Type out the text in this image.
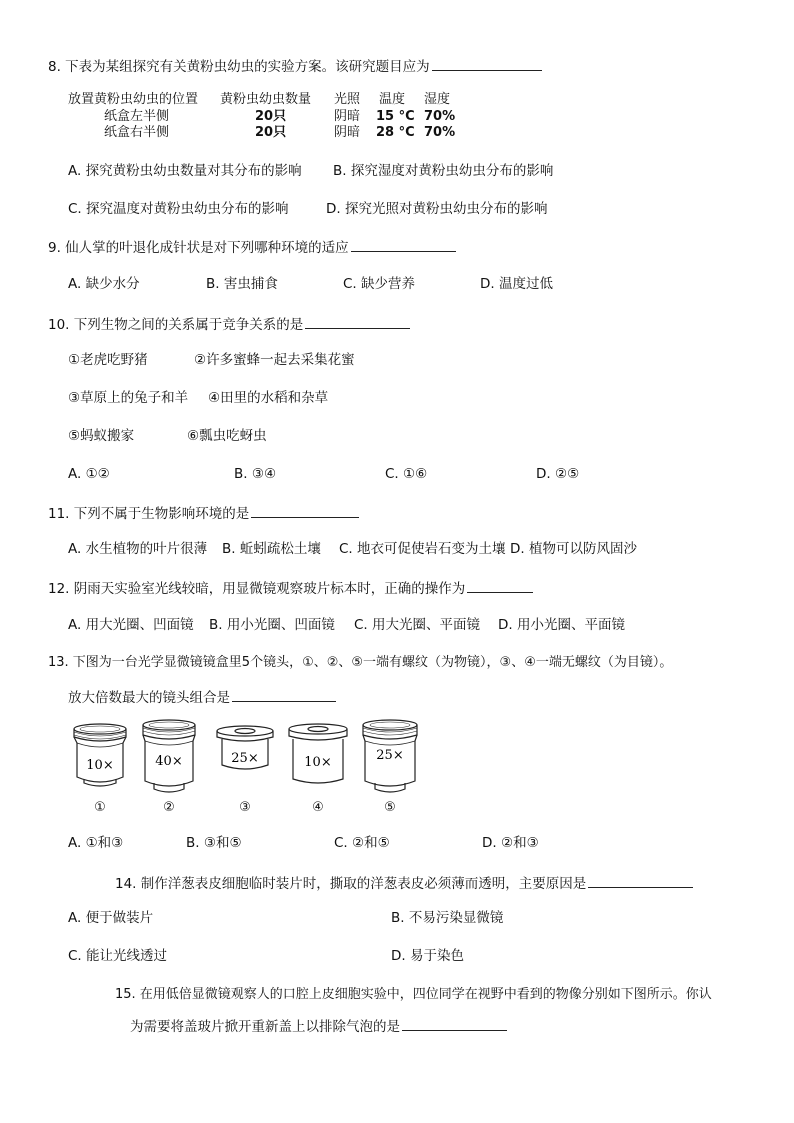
8. 下表为某组探究有关黄粉虫幼虫的实验方案。该研究题目应为
放置黄粉虫幼虫的位置 黄粉虫幼虫数量 光照 温度 湿度
纸盒左半侧	20只	阴暗 15 °C 70%
纸盒右半侧	20只	阴暗 28 °C 70%
A. 探究黄粉虫幼虫数量对其分布的影响 B. 探究湿度对黄粉虫幼虫分布的影响
C. 探究温度对黄粉虫幼虫分布的影响	D. 探究光照对黄粉虫幼虫分布的影响
9. 仙人掌的叶退化成针状是对下列哪种环境的适应
A. 缺少水分	B. 害虫捕食	C. 缺少营养	D. 温度过低
10. 下列生物之间的关系属于竞争关系的是
①老虎吃野猪	②许多蜜蜂一起去采集花蜜
③草原上的兔子和羊 ④田里的水稻和杂草
⑤蚂蚁搬家	⑥瓢虫吃蚜虫
A. ①②	B. ③④	C. ①⑥	D. ②⑤
11. 下列不属于生物影响环境的是
A. 水生植物的叶片很薄 B. 蚯蚓疏松土壤 C. 地衣可促使岩石变为土壤 D. 植物可以防风固沙
12. 阴雨天实验室光线较暗，用显微镜观察玻片标本时，正确的操作为
A. 用大光圈、凹面镜 B. 用小光圈、凹面镜 C. 用大光圈、平面镜 D. 用小光圈、平面镜
13. 下图为一台光学显微镜镜盒里5个镜头，①、②、⑤一端有螺纹（为物镜），③、④一端无螺纹（为目镜）。
放大倍数最大的镜头组合是
10×	40×	25×	10×	25×
①	②	③	④	⑤
A. ①和③	B. ③和⑤	C. ②和⑤	D. ②和③
14. 制作洋葱表皮细胞临时装片时，撕取的洋葱表皮必须薄而透明，主要原因是
A. 便于做装片	B. 不易污染显微镜
C. 能让光线透过	D. 易于染色
15. 在用低倍显微镜观察人的口腔上皮细胞实验中，四位同学在视野中看到的物像分别如下图所示。你认
为需要将盖玻片掀开重新盖上以排除气泡的是
